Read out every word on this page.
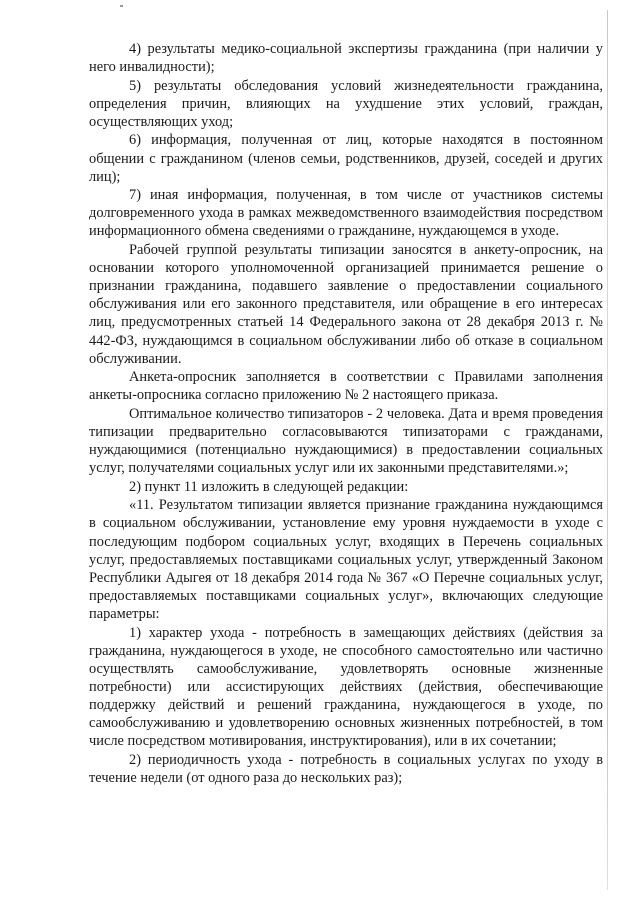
4) результаты медико-социальной экспертизы гражданина (при наличии у него инвалидности);

5) результаты обследования условий жизнедеятельности гражданина, определения причин, влияющих на ухудшение этих условий, граждан, осуществляющих уход;

6) информация, полученная от лиц, которые находятся в постоянном общении с гражданином (членов семьи, родственников, друзей, соседей и других лиц);

7) иная информация, полученная, в том числе от участников системы долговременного ухода в рамках межведомственного взаимодействия посредством информационного обмена сведениями о гражданине, нуждающемся в уходе.

Рабочей группой результаты типизации заносятся в анкету-опросник, на основании которого уполномоченной организацией принимается решение о признании гражданина, подавшего заявление о предоставлении социального обслуживания или его законного представителя, или обращение в его интересах лиц, предусмотренных статьей 14 Федерального закона от 28 декабря 2013 г. № 442-ФЗ, нуждающимся в социальном обслуживании либо об отказе в социальном обслуживании.

Анкета-опросник заполняется в соответствии с Правилами заполнения анкеты-опросника согласно приложению № 2 настоящего приказа.

Оптимальное количество типизаторов - 2 человека. Дата и время проведения типизации предварительно согласовываются типизаторами с гражданами, нуждающимися (потенциально нуждающимися) в предоставлении социальных услуг, получателями социальных услуг или их законными представителями.»;

2) пункт 11 изложить в следующей редакции:

«11. Результатом типизации является признание гражданина нуждающимся в социальном обслуживании, установление ему уровня нуждаемости в уходе с последующим подбором социальных услуг, входящих в Перечень социальных услуг, предоставляемых поставщиками социальных услуг, утвержденный Законом Республики Адыгея от 18 декабря 2014 года № 367 «О Перечне социальных услуг, предоставляемых поставщиками социальных услуг», включающих следующие параметры:

1) характер ухода - потребность в замещающих действиях (действия за гражданина, нуждающегося в уходе, не способного самостоятельно или частично осуществлять самообслуживание, удовлетворять основные жизненные потребности) или ассистирующих действиях (действия, обеспечивающие поддержку действий и решений гражданина, нуждающегося в уходе, по самообслуживанию и удовлетворению основных жизненных потребностей, в том числе посредством мотивирования, инструктирования), или в их сочетании;

2) периодичность ухода - потребность в социальных услугах по уходу в течение недели (от одного раза до нескольких раз);
